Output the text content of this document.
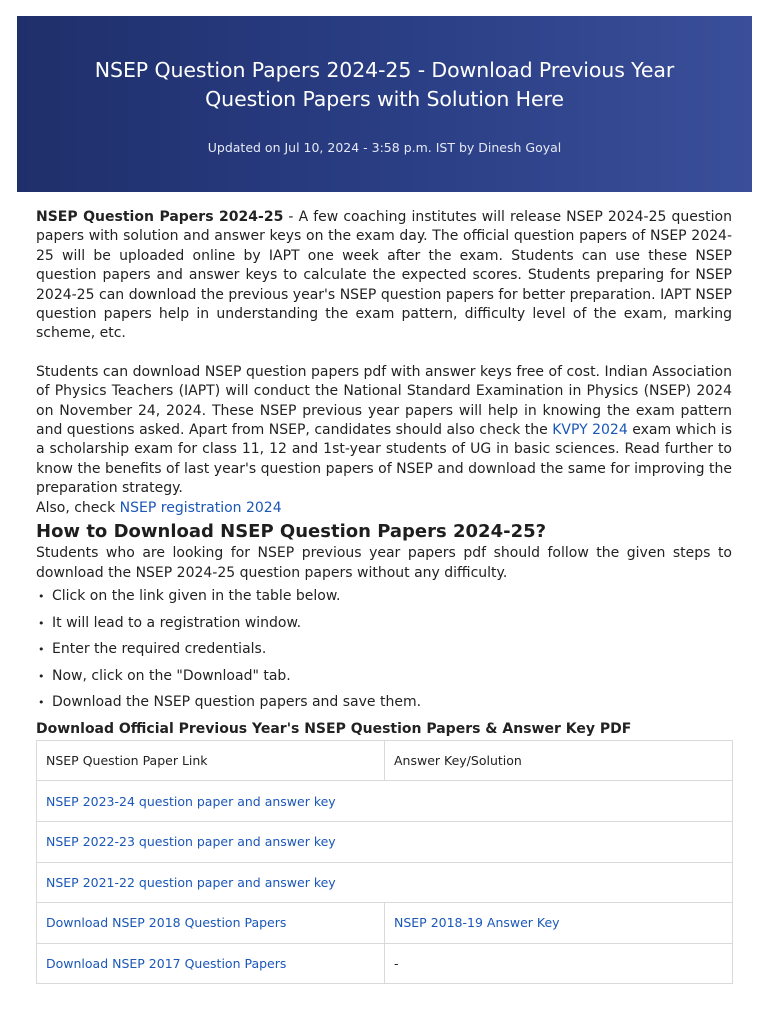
NSEP Question Papers 2024-25 - Download Previous Year Question Papers with Solution Here
Updated on Jul 10, 2024 - 3:58 p.m. IST by Dinesh Goyal

NSEP Question Papers 2024-25 - A few coaching institutes will release NSEP 2024-25 question papers with solution and answer keys on the exam day. The official question papers of NSEP 2024-25 will be uploaded online by IAPT one week after the exam. Students can use these NSEP question papers and answer keys to calculate the expected scores. Students preparing for NSEP 2024-25 can download the previous year's NSEP question papers for better preparation. IAPT NSEP question papers help in understanding the exam pattern, difficulty level of the exam, marking scheme, etc.

Students can download NSEP question papers pdf with answer keys free of cost. Indian Association of Physics Teachers (IAPT) will conduct the National Standard Examination in Physics (NSEP) 2024 on November 24, 2024. These NSEP previous year papers will help in knowing the exam pattern and questions asked. Apart from NSEP, candidates should also check the KVPY 2024 exam which is a scholarship exam for class 11, 12 and 1st-year students of UG in basic sciences. Read further to know the benefits of last year's question papers of NSEP and download the same for improving the preparation strategy.

Also, check NSEP registration 2024

How to Download NSEP Question Papers 2024-25?

Students who are looking for NSEP previous year papers pdf should follow the given steps to download the NSEP 2024-25 question papers without any difficulty.

• Click on the link given in the table below.
• It will lead to a registration window.
• Enter the required credentials.
• Now, click on the "Download" tab.
• Download the NSEP question papers and save them.
Download Official Previous Year's NSEP Question Papers & Answer Key PDF
NSEP Question Paper Link	Answer Key/Solution
NSEP 2023-24 question paper and answer key	
NSEP 2022-23 question paper and answer key	
NSEP 2021-22 question paper and answer key	
Download NSEP 2018 Question Papers	NSEP 2018-19 Answer Key
Download NSEP 2017 Question Papers	-
